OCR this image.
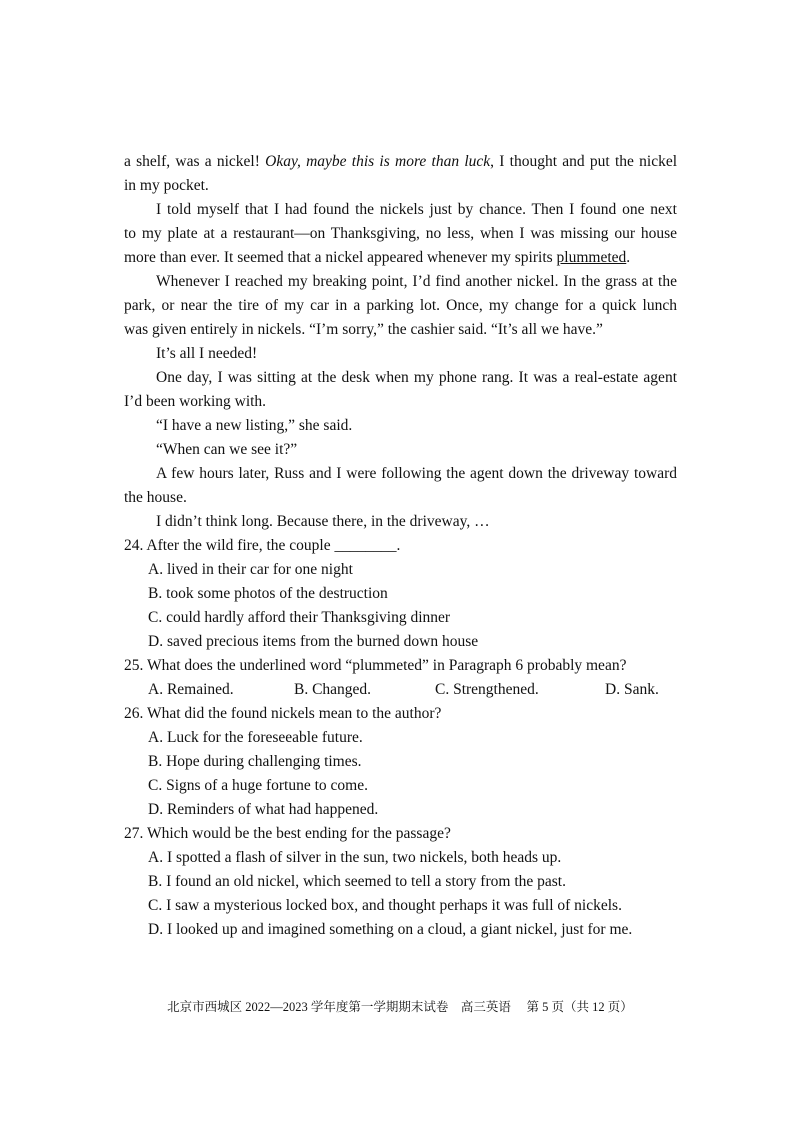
a shelf, was a nickel! Okay, maybe this is more than luck, I thought and put the nickel
in my pocket.
I told myself that I had found the nickels just by chance. Then I found one next
to my plate at a restaurant—on Thanksgiving, no less, when I was missing our house
more than ever. It seemed that a nickel appeared whenever my spirits plummeted.
Whenever I reached my breaking point, I’d find another nickel. In the grass at the
park, or near the tire of my car in a parking lot. Once, my change for a quick lunch
was given entirely in nickels. “I’m sorry,” the cashier said. “It’s all we have.”
It’s all I needed!
One day, I was sitting at the desk when my phone rang. It was a real-estate agent
I’d been working with.
“I have a new listing,” she said.
“When can we see it?”
A few hours later, Russ and I were following the agent down the driveway toward
the house.
I didn’t think long. Because there, in the driveway, …
24. After the wild fire, the couple ________.
A. lived in their car for one night
B. took some photos of the destruction
C. could hardly afford their Thanksgiving dinner
D. saved precious items from the burned down house
25. What does the underlined word “plummeted” in Paragraph 6 probably mean?
A. Remained.	B. Changed.	C. Strengthened.	D. Sank.
26. What did the found nickels mean to the author?
A. Luck for the foreseeable future.
B. Hope during challenging times.
C. Signs of a huge fortune to come.
D. Reminders of what had happened.
27. Which would be the best ending for the passage?
A. I spotted a flash of silver in the sun, two nickels, both heads up.
B. I found an old nickel, which seemed to tell a story from the past.
C. I saw a mysterious locked box, and thought perhaps it was full of nickels.
D. I looked up and imagined something on a cloud, a giant nickel, just for me.
北京市西城区 2022—2023 学年度第一学期期末试卷　高三英语　 第 5 页（共 12 页）
